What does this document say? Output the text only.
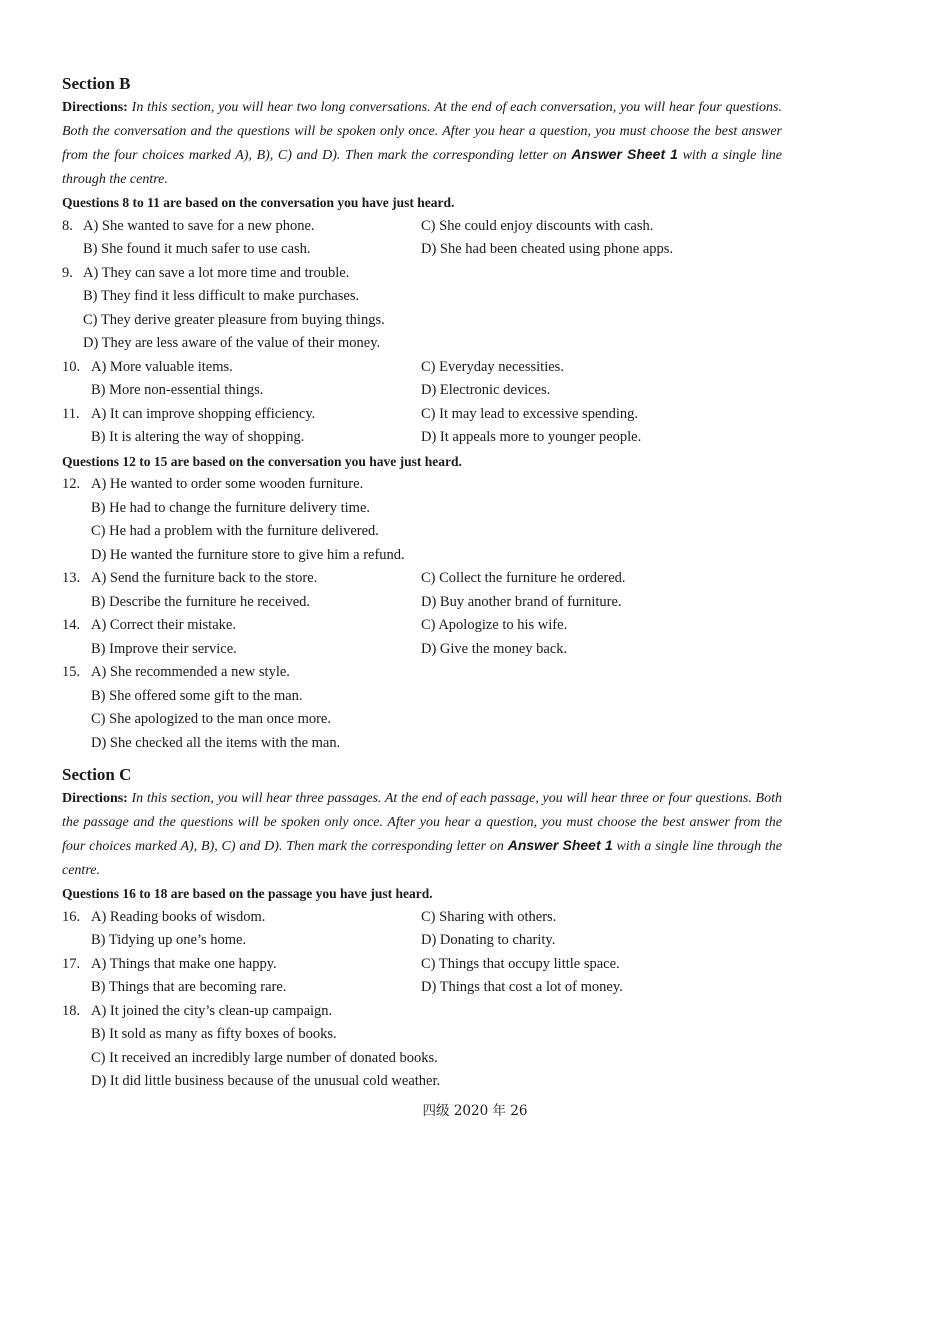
Section B
Directions: In this section, you will hear two long conversations. At the end of each conversation, you will hear four questions. Both the conversation and the questions will be spoken only once. After you hear a question, you must choose the best answer from the four choices marked A), B), C) and D). Then mark the corresponding letter on Answer Sheet 1 with a single line through the centre.
Questions 8 to 11 are based on the conversation you have just heard.
8. A) She wanted to save for a new phone.	C) She could enjoy discounts with cash.
B) She found it much safer to use cash.	D) She had been cheated using phone apps.
9. A) They can save a lot more time and trouble.
B) They find it less difficult to make purchases.
C) They derive greater pleasure from buying things.
D) They are less aware of the value of their money.
10. A) More valuable items.	C) Everyday necessities.
B) More non-essential things.	D) Electronic devices.
11. A) It can improve shopping efficiency.	C) It may lead to excessive spending.
B) It is altering the way of shopping.	D) It appeals more to younger people.
Questions 12 to 15 are based on the conversation you have just heard.
12. A) He wanted to order some wooden furniture.
B) He had to change the furniture delivery time.
C) He had a problem with the furniture delivered.
D) He wanted the furniture store to give him a refund.
13. A) Send the furniture back to the store.	C) Collect the furniture he ordered.
B) Describe the furniture he received.	D) Buy another brand of furniture.
14. A) Correct their mistake.	C) Apologize to his wife.
B) Improve their service.	D) Give the money back.
15. A) She recommended a new style.
B) She offered some gift to the man.
C) She apologized to the man once more.
D) She checked all the items with the man.
Section C
Directions: In this section, you will hear three passages. At the end of each passage, you will hear three or four questions. Both the passage and the questions will be spoken only once. After you hear a question, you must choose the best answer from the four choices marked A), B), C) and D). Then mark the corresponding letter on Answer Sheet 1 with a single line through the centre.
Questions 16 to 18 are based on the passage you have just heard.
16. A) Reading books of wisdom.	C) Sharing with others.
B) Tidying up one’s home.	D) Donating to charity.
17. A) Things that make one happy.	C) Things that occupy little space.
B) Things that are becoming rare.	D) Things that cost a lot of money.
18. A) It joined the city’s clean-up campaign.
B) It sold as many as fifty boxes of books.
C) It received an incredibly large number of donated books.
D) It did little business because of the unusual cold weather.
四级 2020 年 26
